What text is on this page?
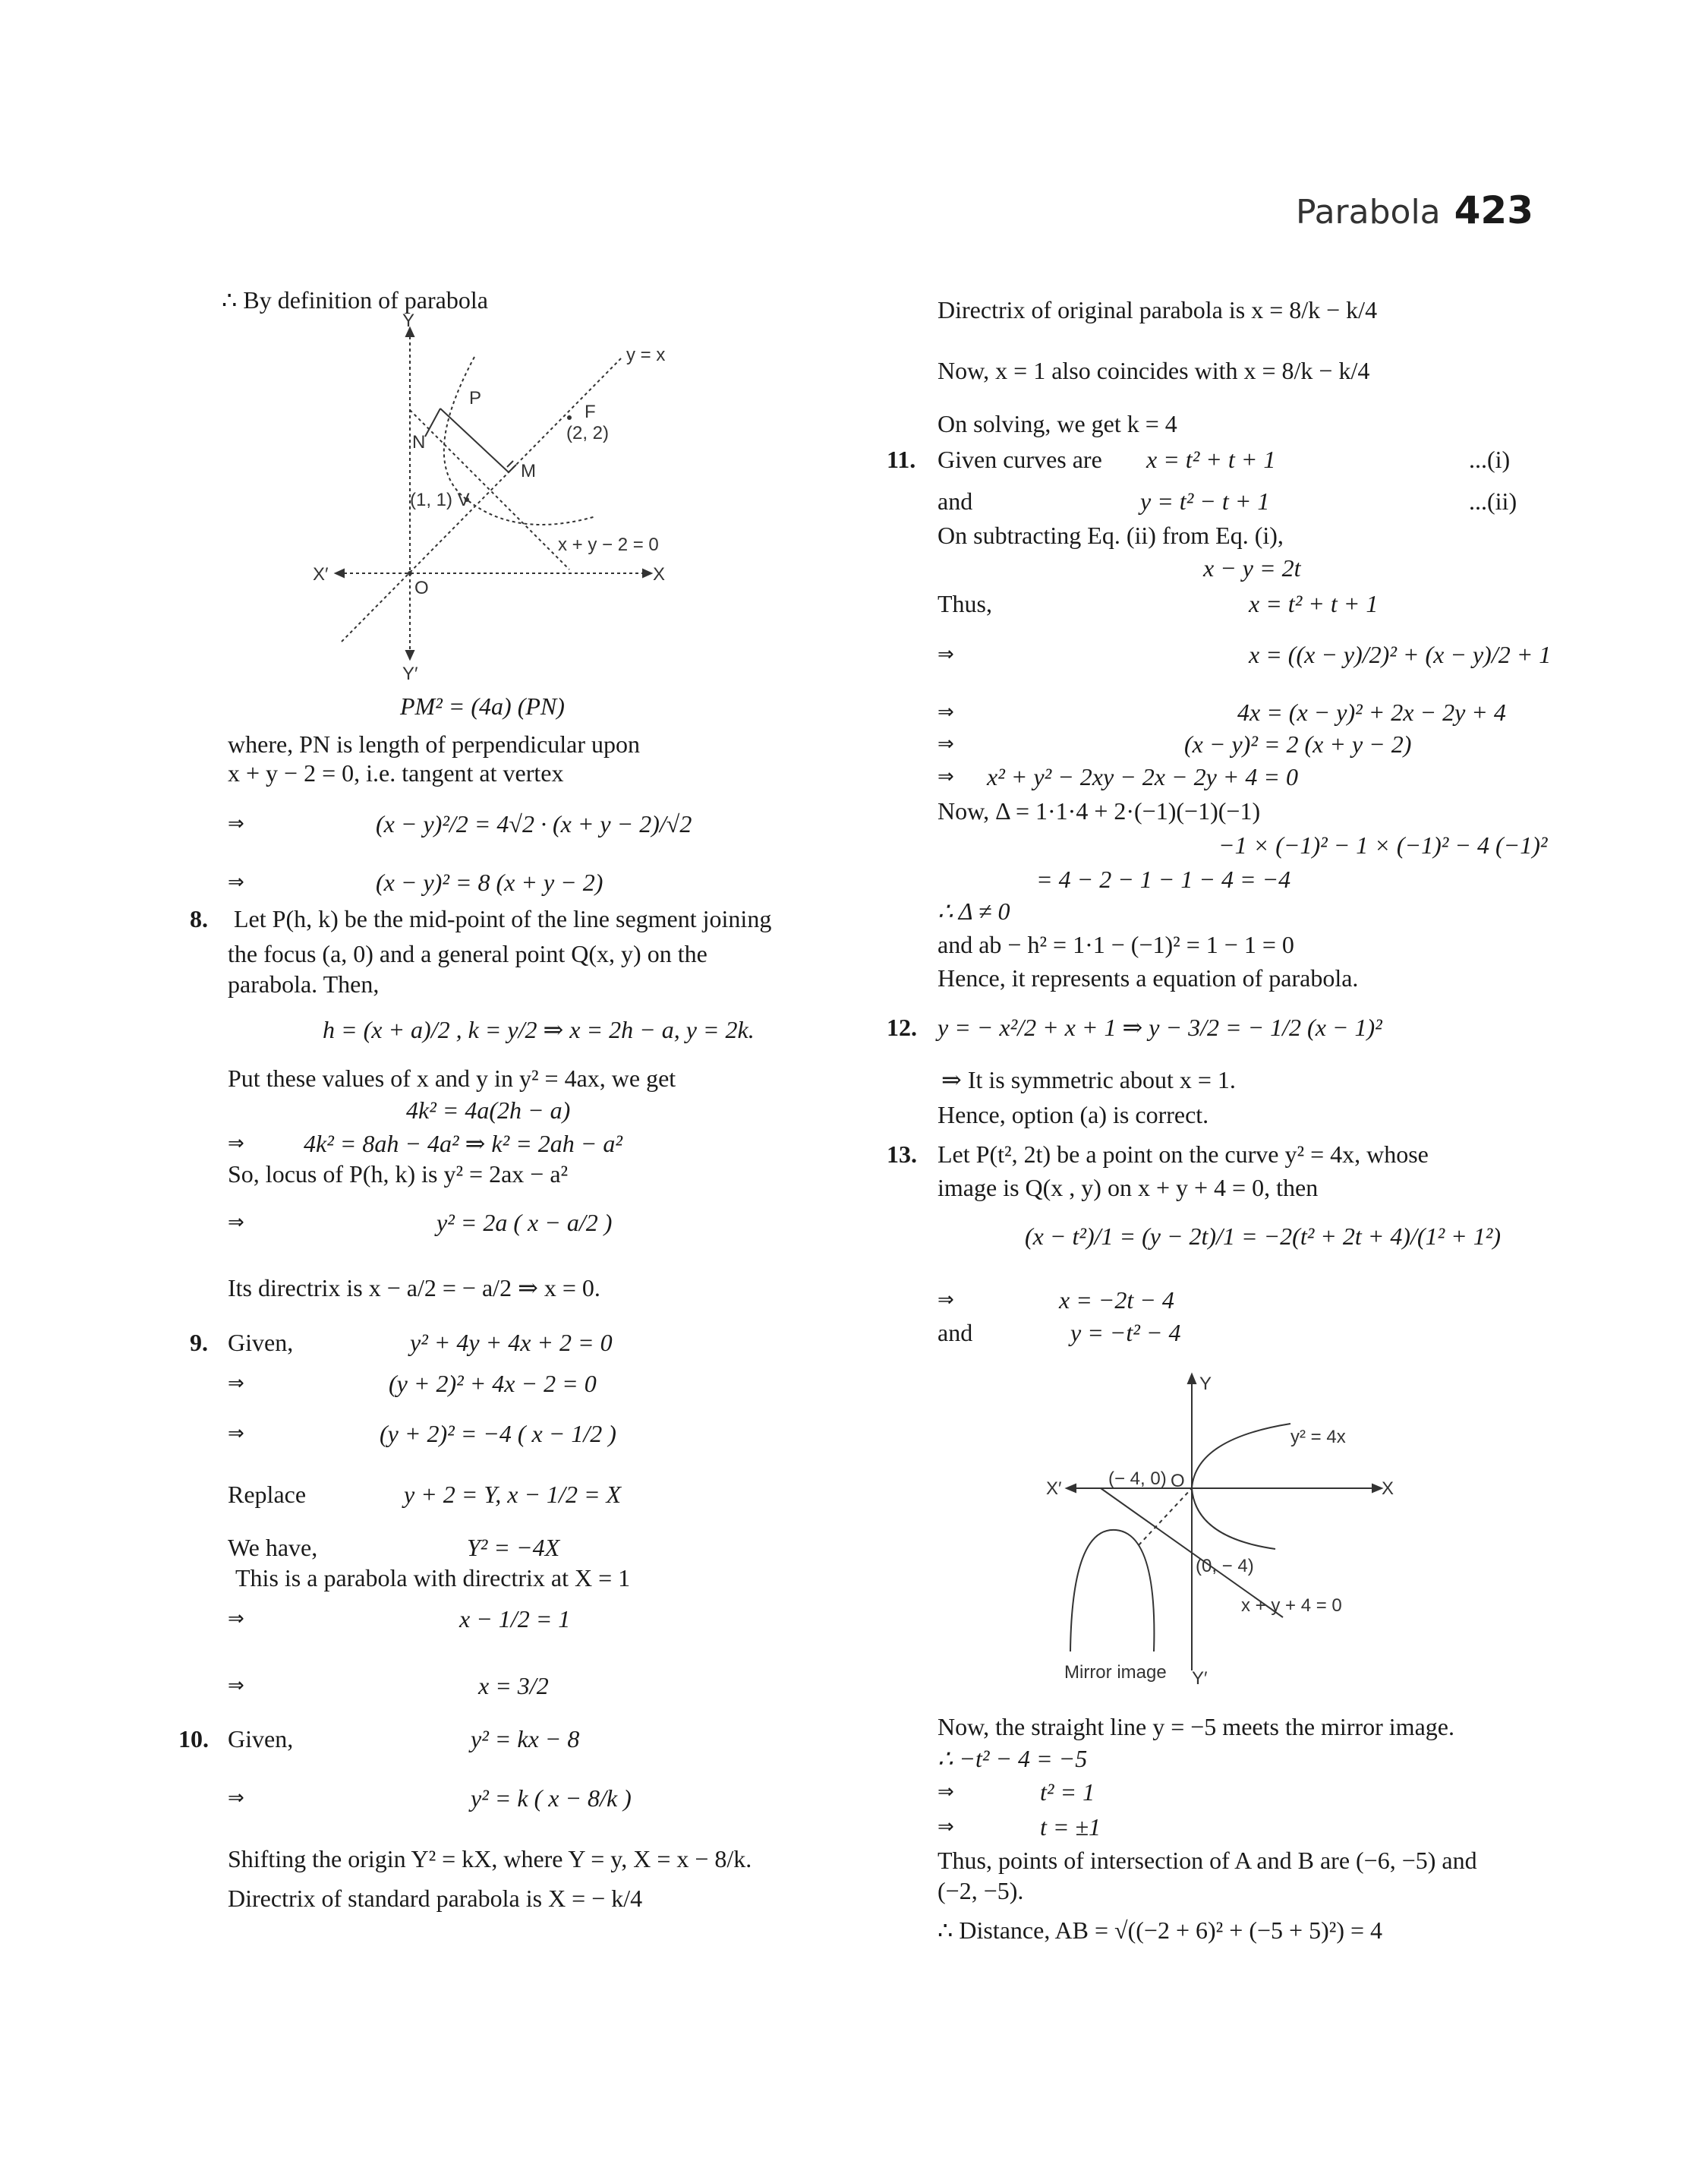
Parabola 423
∴ By definition of parabola
Y
Y′
X
X′
O
P
N
M
F
(2, 2)
(1, 1) V
y = x
x + y − 2 = 0
PM² = (4a) (PN)
where, PN is length of perpendicular upon
x + y − 2 = 0, i.e. tangent at vertex
⇒	(x − y)²/2 = 4√2 · (x + y − 2)/√2
⇒	(x − y)² = 8 (x + y − 2)
8. Let P(h, k) be the mid-point of the line segment joining
the focus (a, 0) and a general point Q(x, y) on the
parabola. Then,
h = (x + a)/2 , k = y/2 ⇒ x = 2h − a, y = 2k.
Put these values of x and y in y² = 4ax, we get
4k² = 4a(2h − a)
⇒ 4k² = 8ah − 4a² ⇒ k² = 2ah − a²
So, locus of P(h, k) is y² = 2ax − a²
⇒	y² = 2a ( x − a/2 )
Its directrix is x − a/2 = − a/2 ⇒ x = 0.
9. Given,	y² + 4y + 4x + 2 = 0
⇒	(y + 2)² + 4x − 2 = 0
⇒	(y + 2)² = −4 ( x − 1/2 )
Replace	y + 2 = Y, x − 1/2 = X
We have,	Y² = −4X
This is a parabola with directrix at X = 1
⇒	x − 1/2 = 1
⇒	x = 3/2
10. Given,	y² = kx − 8
⇒	y² = k ( x − 8/k )
Shifting the origin Y² = kX, where Y = y, X = x − 8/k.
Directrix of standard parabola is X = − k/4
Directrix of original parabola is x = 8/k − k/4
Now, x = 1 also coincides with x = 8/k − k/4
On solving, we get k = 4
11. Given curves are x = t² + t + 1	...(i)
and	y = t² − t + 1	...(ii)
On subtracting Eq. (ii) from Eq. (i),
x − y = 2t
Thus,	x = t² + t + 1
⇒	x = ((x − y)/2)² + (x − y)/2 + 1
⇒	4x = (x − y)² + 2x − 2y + 4
⇒	(x − y)² = 2 (x + y − 2)
⇒ x² + y² − 2xy − 2x − 2y + 4 = 0
Now, Δ = 1·1·4 + 2·(−1)(−1)(−1)
−1 × (−1)² − 1 × (−1)² − 4 (−1)²
= 4 − 2 − 1 − 1 − 4 = −4
∴ Δ ≠ 0
and ab − h² = 1·1 − (−1)² = 1 − 1 = 0
Hence, it represents a equation of parabola.
12. y = − x²/2 + x + 1 ⇒ y − 3/2 = − 1/2 (x − 1)²
⇒ It is symmetric about x = 1.
Hence, option (a) is correct.
13. Let P(t², 2t) be a point on the curve y² = 4x, whose
image is Q(x , y) on x + y + 4 = 0, then
(x − t²)/1 = (y − 2t)/1 = −2(t² + 2t + 4)/(1² + 1²)
⇒	x = −2t − 4
and	y = −t² − 4
Y
Y′
X
X′	O
(− 4, 0)
(0, − 4)
y² = 4x
x + y + 4 = 0
Mirror image
Now, the straight line y = −5 meets the mirror image.
∴ −t² − 4 = −5
⇒	t² = 1
⇒	t = ±1
Thus, points of intersection of A and B are (−6, −5) and
(−2, −5).
∴ Distance, AB = √((−2 + 6)² + (−5 + 5)²) = 4
